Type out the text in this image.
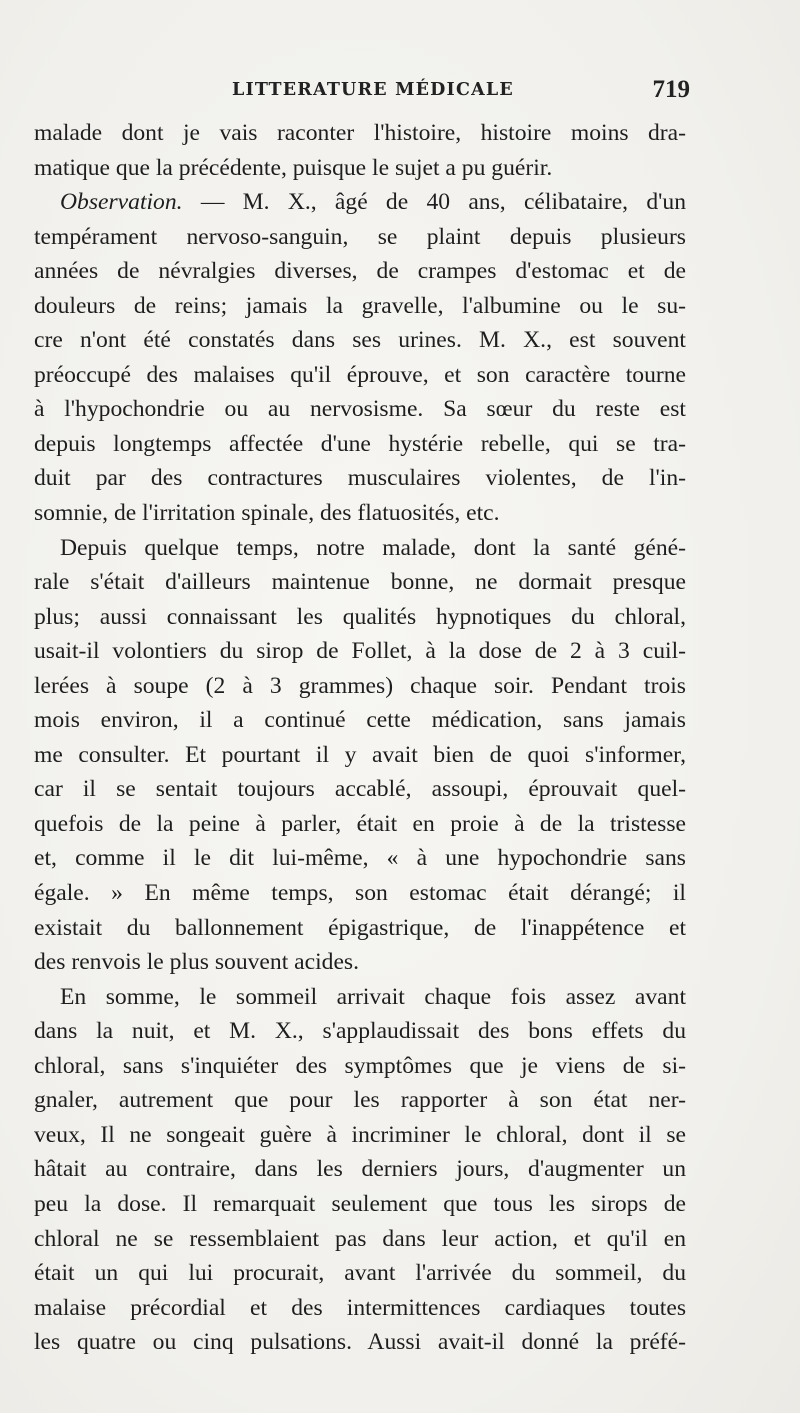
LITTERATURE MÉDICALE	719
malade dont je vais raconter l'histoire, histoire moins dra-
matique que la précédente, puisque le sujet a pu guérir.
Observation. — M. X., âgé de 40 ans, célibataire, d'un
tempérament nervoso-sanguin, se plaint depuis plusieurs
années de névralgies diverses, de crampes d'estomac et de
douleurs de reins; jamais la gravelle, l'albumine ou le su-
cre n'ont été constatés dans ses urines. M. X., est souvent
préoccupé des malaises qu'il éprouve, et son caractère tourne
à l'hypochondrie ou au nervosisme. Sa sœur du reste est
depuis longtemps affectée d'une hystérie rebelle, qui se tra-
duit par des contractures musculaires violentes, de l'in-
somnie, de l'irritation spinale, des flatuosités, etc.
Depuis quelque temps, notre malade, dont la santé géné-
rale s'était d'ailleurs maintenue bonne, ne dormait presque
plus; aussi connaissant les qualités hypnotiques du chloral,
usait-il volontiers du sirop de Follet, à la dose de 2 à 3 cuil-
lerées à soupe (2 à 3 grammes) chaque soir. Pendant trois
mois environ, il a continué cette médication, sans jamais
me consulter. Et pourtant il y avait bien de quoi s'informer,
car il se sentait toujours accablé, assoupi, éprouvait quel-
quefois de la peine à parler, était en proie à de la tristesse
et, comme il le dit lui-même, « à une hypochondrie sans
égale. » En même temps, son estomac était dérangé; il
existait du ballonnement épigastrique, de l'inappétence et
des renvois le plus souvent acides.
En somme, le sommeil arrivait chaque fois assez avant
dans la nuit, et M. X., s'applaudissait des bons effets du
chloral, sans s'inquiéter des symptômes que je viens de si-
gnaler, autrement que pour les rapporter à son état ner-
veux, Il ne songeait guère à incriminer le chloral, dont il se
hâtait au contraire, dans les derniers jours, d'augmenter un
peu la dose. Il remarquait seulement que tous les sirops de
chloral ne se ressemblaient pas dans leur action, et qu'il en
était un qui lui procurait, avant l'arrivée du sommeil, du
malaise précordial et des intermittences cardiaques toutes
les quatre ou cinq pulsations. Aussi avait-il donné la préfé-
